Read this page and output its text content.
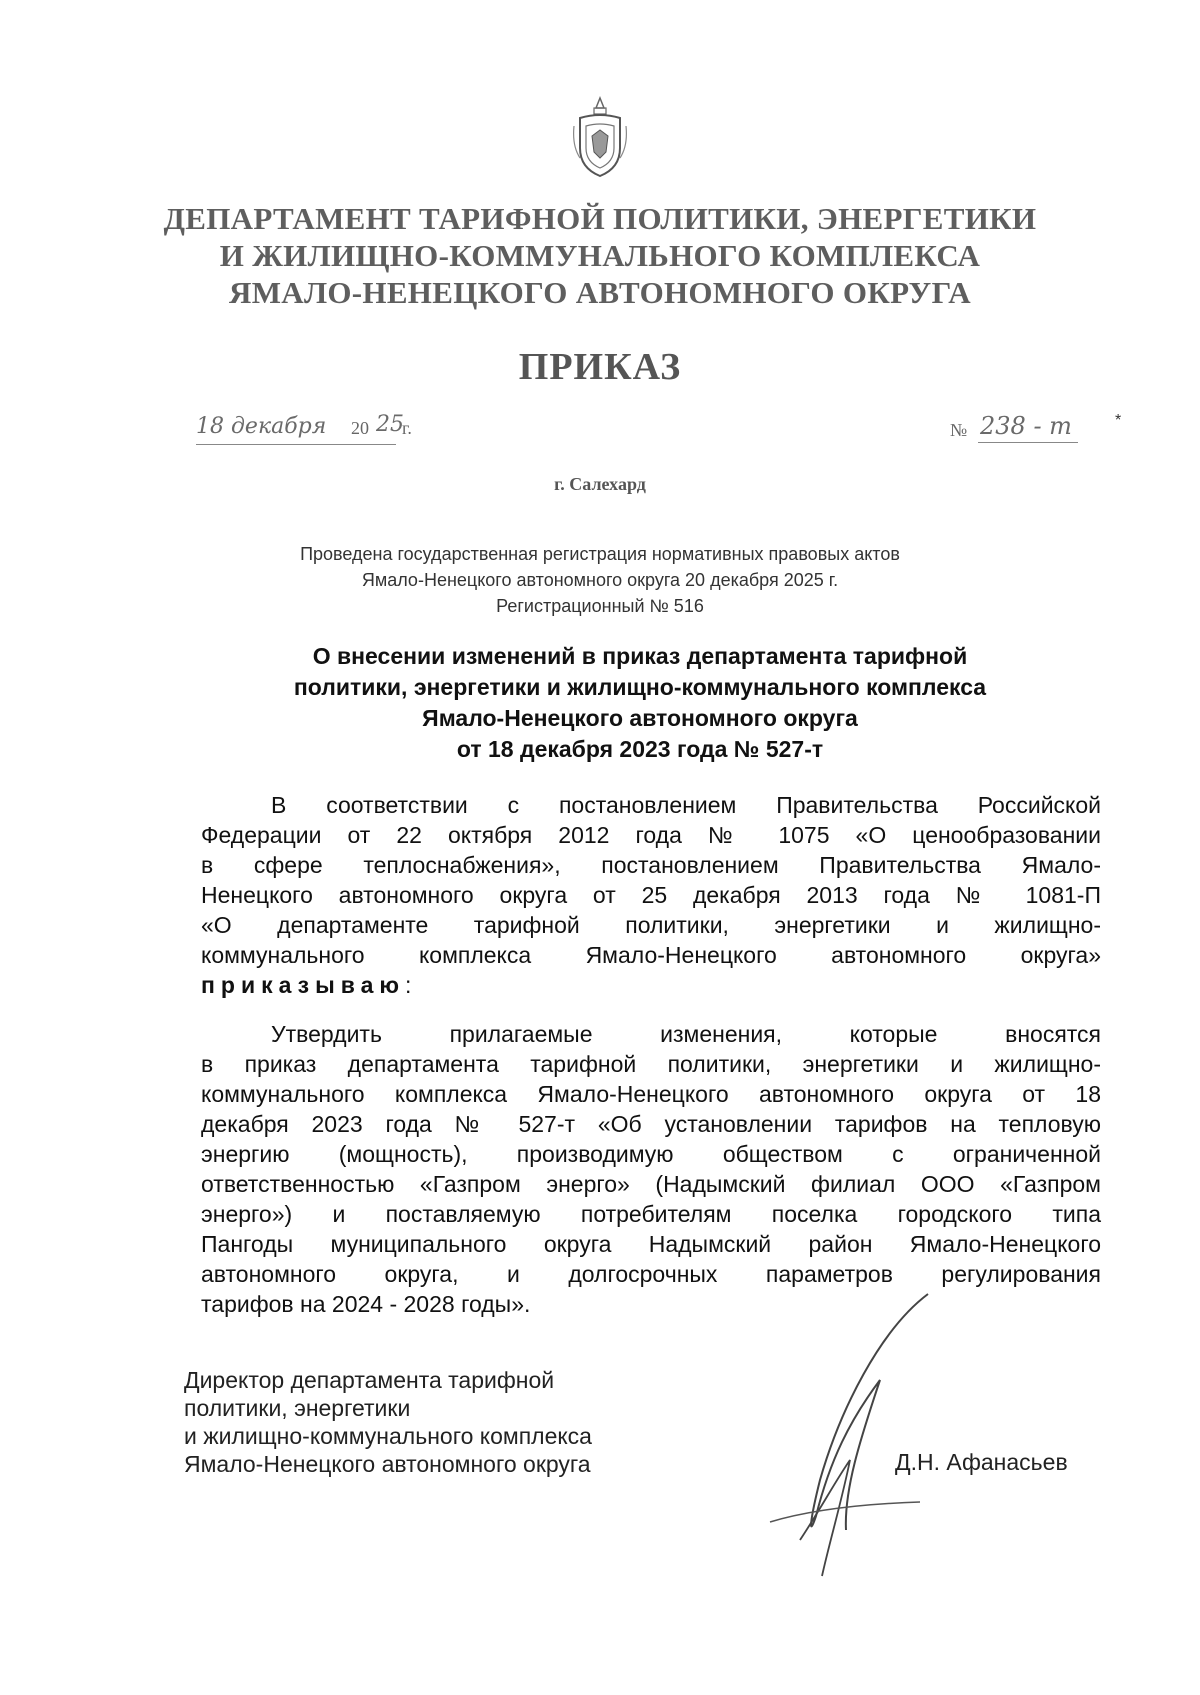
ДЕПАРТАМЕНТ ТАРИФНОЙ ПОЛИТИКИ, ЭНЕРГЕТИКИ
И ЖИЛИЩНО-КОММУНАЛЬНОГО КОМПЛЕКСА
ЯМАЛО-НЕНЕЦКОГО АВТОНОМНОГО ОКРУГА
ПРИКАЗ
18 декабря 20 25
г.	№ 238 - т	*
г. Салехард
Проведена государственная регистрация нормативных правовых актов
Ямало-Ненецкого автономного округа 20 декабря 2025 г.
Регистрационный № 516
О внесении изменений в приказ департамента тарифной
политики, энергетики и жилищно-коммунального комплекса
Ямало-Ненецкого автономного округа
от 18 декабря 2023 года № 527-т
В соответствии с постановлением Правительства Российской
Федерации от 22 октября 2012 года № 1075 «О ценообразовании
в сфере теплоснабжения», постановлением Правительства Ямало-
Ненецкого автономного округа от 25 декабря 2013 года № 1081-П
«О департаменте тарифной политики, энергетики и жилищно-
коммунального комплекса Ямало-Ненецкого автономного округа»
приказываю:
Утвердить прилагаемые изменения, которые вносятся
в приказ департамента тарифной политики, энергетики и жилищно-
коммунального комплекса Ямало-Ненецкого автономного округа от 18
декабря 2023 года № 527-т «Об установлении тарифов на тепловую
энергию (мощность), производимую обществом с ограниченной
ответственностью «Газпром энерго» (Надымский филиал ООО «Газпром
энерго») и поставляемую потребителям поселка городского типа
Пангоды муниципального округа Надымский район Ямало-Ненецкого
автономного округа, и долгосрочных параметров регулирования
тарифов на 2024 - 2028 годы».
Директор департамента тарифной
политики, энергетики
и жилищно-коммунального комплекса
Ямало-Ненецкого автономного округа	Д.Н. Афанасьев
